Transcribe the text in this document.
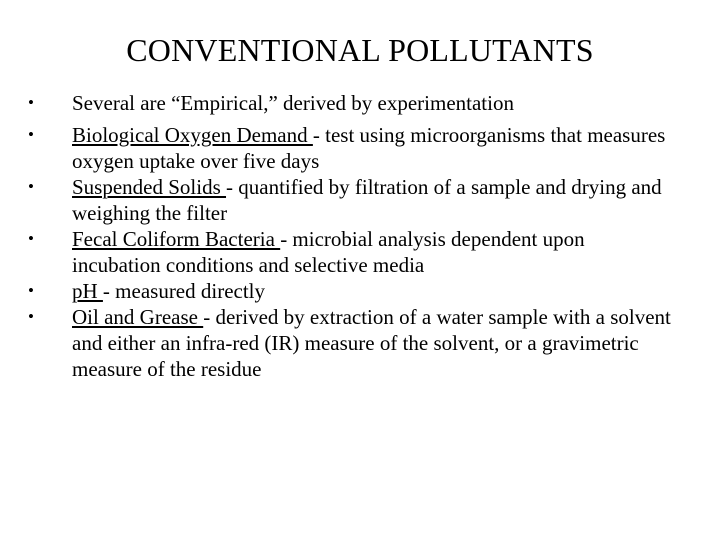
CONVENTIONAL POLLUTANTS
•	Several are “Empirical,” derived by experimentation
•	Biological Oxygen Demand - test using microorganisms that measures oxygen uptake over five days
•	Suspended Solids - quantified by filtration of a sample and drying and weighing the filter
•	Fecal Coliform Bacteria - microbial analysis dependent upon incubation conditions and selective media
•	pH - measured directly
•	Oil and Grease - derived by extraction of a water sample with a solvent and either an infra-red (IR) measure of the solvent, or a gravimetric measure of the residue
